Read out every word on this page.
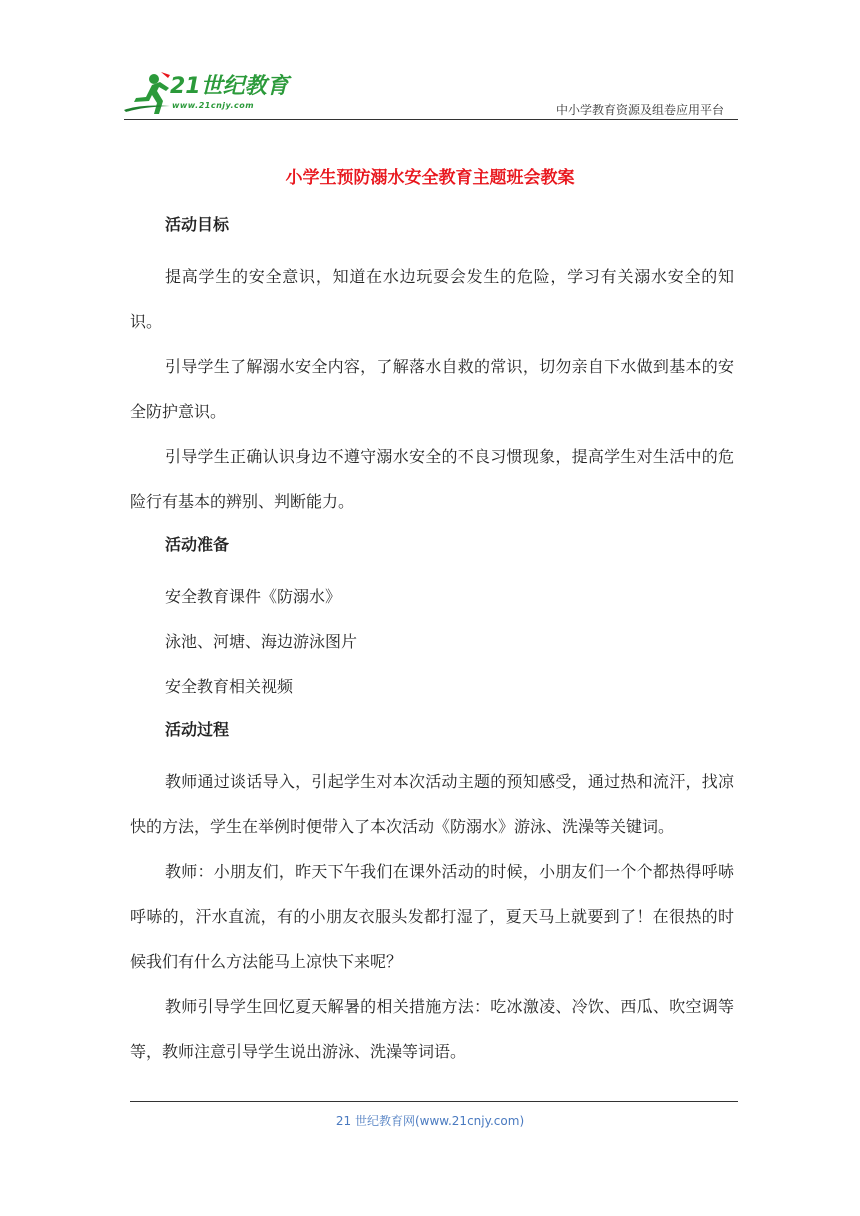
21世纪教育
www.21cnjy.com	中小学教育资源及组卷应用平台
小学生预防溺水安全教育主题班会教案
活动目标
提高学生的安全意识，知道在水边玩耍会发生的危险，学习有关溺水安全的知识。
引导学生了解溺水安全内容，了解落水自救的常识，切勿亲自下水做到基本的安全防护意识。
引导学生正确认识身边不遵守溺水安全的不良习惯现象，提高学生对生活中的危险行有基本的辨别、判断能力。
活动准备
安全教育课件《防溺水》
泳池、河塘、海边游泳图片
安全教育相关视频
活动过程
教师通过谈话导入，引起学生对本次活动主题的预知感受，通过热和流汗，找凉快的方法，学生在举例时便带入了本次活动《防溺水》游泳、洗澡等关键词。
教师：小朋友们，昨天下午我们在课外活动的时候，小朋友们一个个都热得呼哧呼哧的，汗水直流，有的小朋友衣服头发都打湿了，夏天马上就要到了！在很热的时候我们有什么方法能马上凉快下来呢？
教师引导学生回忆夏天解暑的相关措施方法：吃冰激凌、冷饮、西瓜、吹空调等等，教师注意引导学生说出游泳、洗澡等词语。
21 世纪教育网(www.21cnjy.com)
